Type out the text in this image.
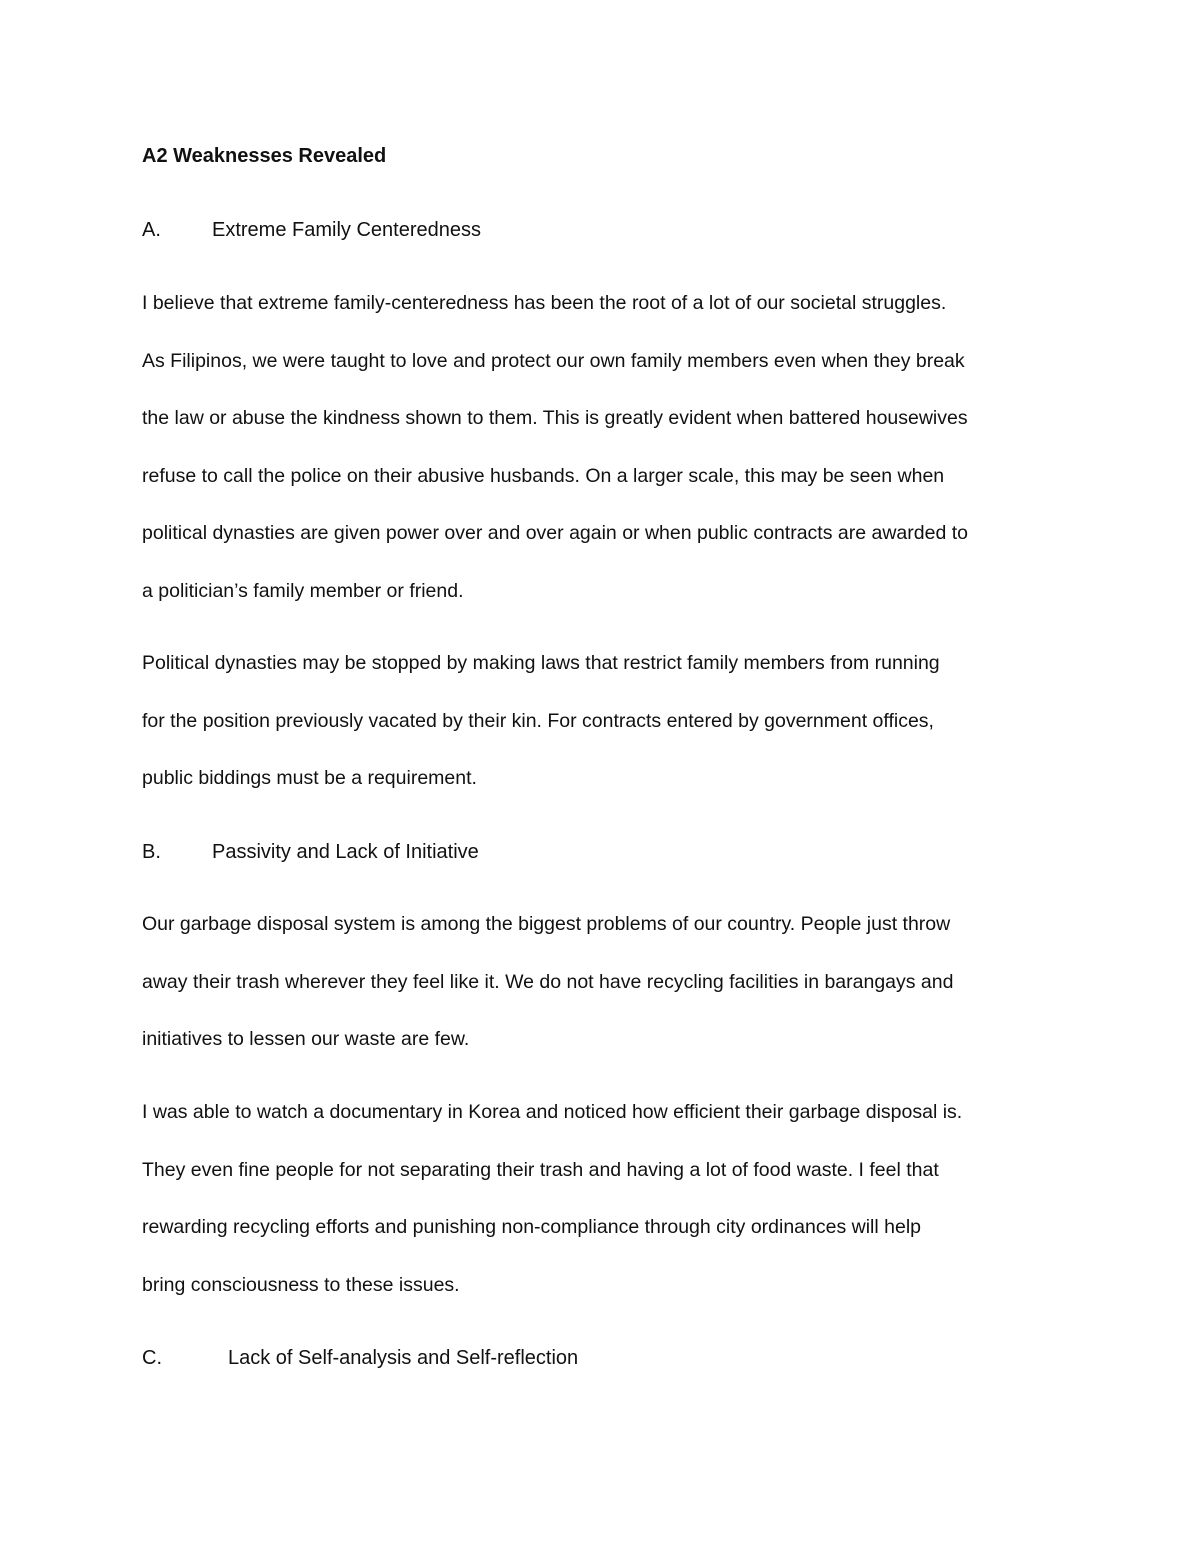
A2 Weaknesses Revealed
A.	Extreme Family Centeredness

I believe that extreme family-centeredness has been the root of a lot of our societal struggles.
As Filipinos, we were taught to love and protect our own family members even when they break
the law or abuse the kindness shown to them. This is greatly evident when battered housewives
refuse to call the police on their abusive husbands. On a larger scale, this may be seen when
political dynasties are given power over and over again or when public contracts are awarded to
a politician’s family member or friend.

Political dynasties may be stopped by making laws that restrict family members from running
for the position previously vacated by their kin. For contracts entered by government offices,
public biddings must be a requirement.

B.	Passivity and Lack of Initiative

Our garbage disposal system is among the biggest problems of our country. People just throw
away their trash wherever they feel like it. We do not have recycling facilities in barangays and
initiatives to lessen our waste are few.

I was able to watch a documentary in Korea and noticed how efficient their garbage disposal is.
They even fine people for not separating their trash and having a lot of food waste. I feel that
rewarding recycling efforts and punishing non-compliance through city ordinances will help
bring consciousness to these issues.

C.	Lack of Self-analysis and Self-reflection
